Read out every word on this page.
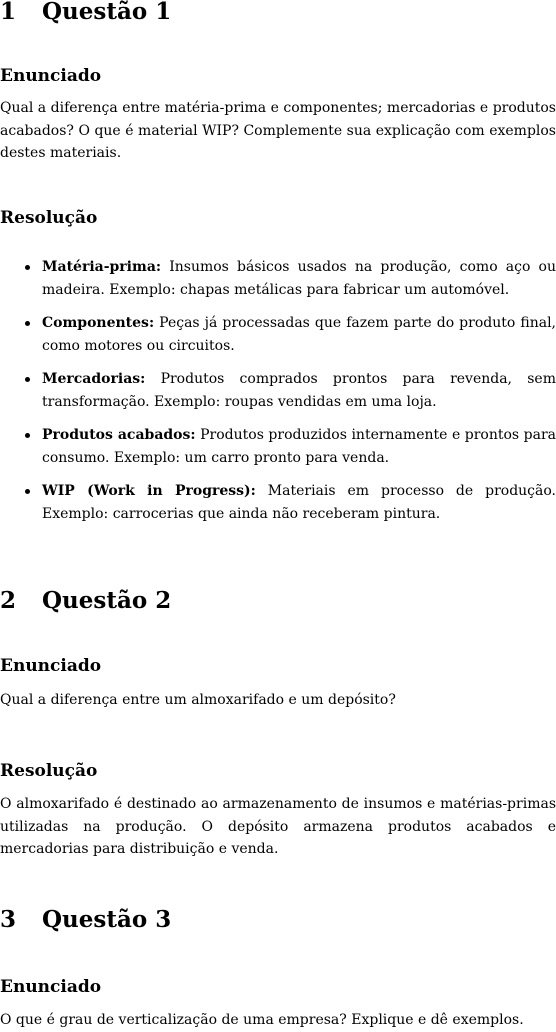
1 Questão 1
Enunciado
Qual a diferença entre matéria-prima e componentes; mercadorias e produtos acabados? O que é material WIP? Complemente sua explicação com exemplos destes materiais.
Resolução
Matéria-prima: Insumos básicos usados na produção, como aço ou madeira. Exemplo: chapas metálicas para fabricar um automóvel.
Componentes: Peças já processadas que fazem parte do produto final, como motores ou circuitos.
Mercadorias: Produtos comprados prontos para revenda, sem transformação. Exemplo: roupas vendidas em uma loja.
Produtos acabados: Produtos produzidos internamente e prontos para consumo. Exemplo: um carro pronto para venda.
WIP (Work in Progress): Materiais em processo de produção. Exemplo: carrocerias que ainda não receberam pintura.
2 Questão 2
Enunciado
Qual a diferença entre um almoxarifado e um depósito?
Resolução
O almoxarifado é destinado ao armazenamento de insumos e matérias-primas utilizadas na produção. O depósito armazena produtos acabados e mercadorias para distribuição e venda.
3 Questão 3
Enunciado
O que é grau de verticalização de uma empresa? Explique e dê exemplos.
